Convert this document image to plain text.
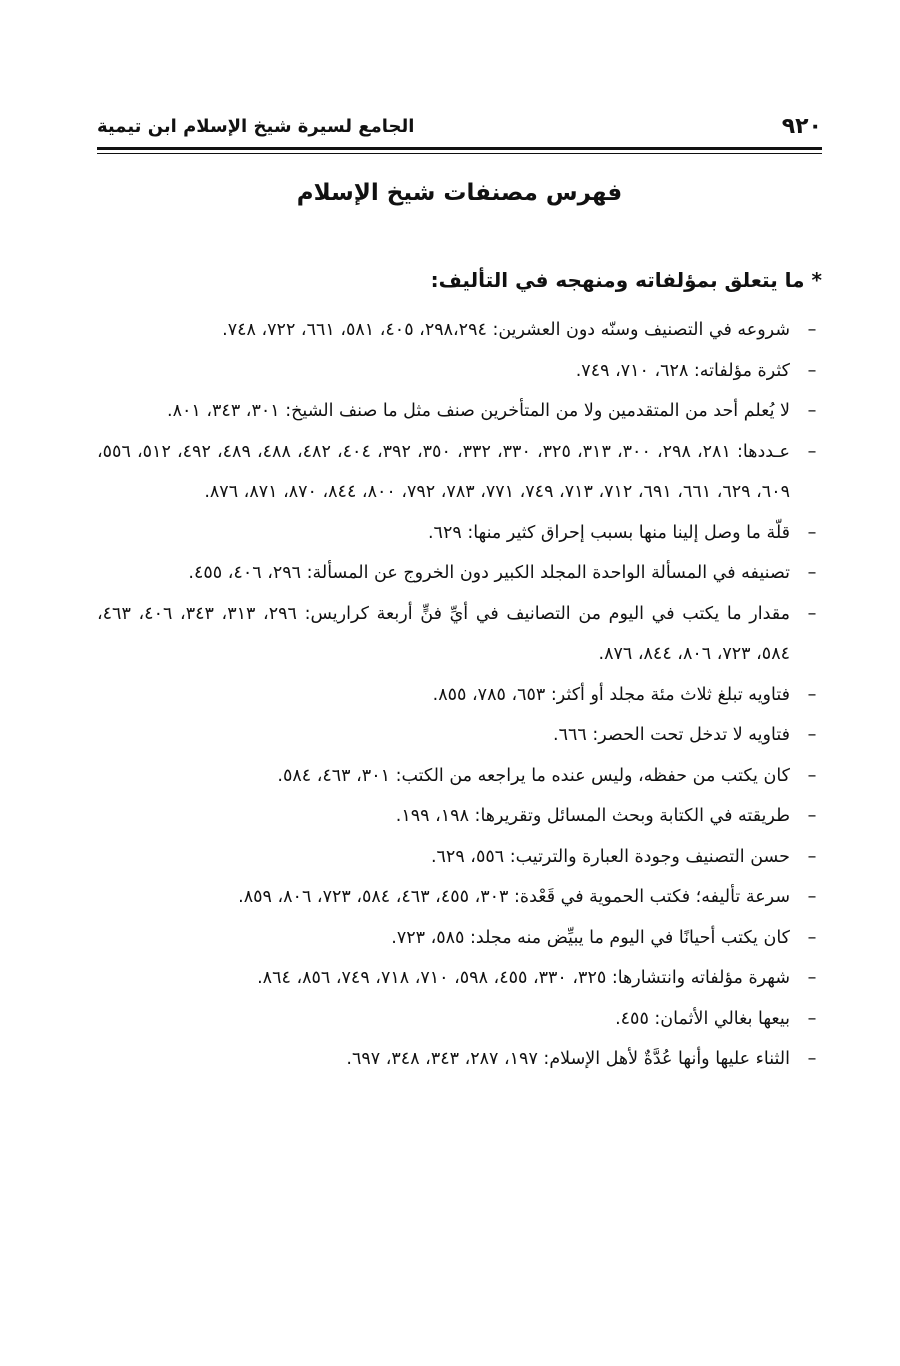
٩٢٠
الجامع لسيرة شيخ الإسلام ابن تيمية
فهرس مصنفات شيخ الإسلام
* ما يتعلق بمؤلفاته ومنهجه في التأليف:
–
شروعه في التصنيف وسنّه دون العشرين: ٢٩٨،٢٩٤، ٤٠٥، ٥٨١، ٦٦١، ٧٢٢، ٧٤٨.
–
كثرة مؤلفاته: ٦٢٨، ٧١٠، ٧٤٩.
–
لا يُعلم أحد من المتقدمين ولا من المتأخرين صنف مثل ما صنف الشيخ: ٣٠١، ٣٤٣، ٨٠١.
–
عـددها: ٢٨١، ٢٩٨، ٣٠٠، ٣١٣، ٣٢٥، ٣٣٠، ٣٣٢، ٣٥٠، ٣٩٢، ٤٠٤، ٤٨٢، ٤٨٨، ٤٨٩، ٤٩٢، ٥١٢، ٥٥٦، ٦٠٩، ٦٢٩، ٦٦١، ٦٩١، ٧١٢، ٧١٣، ٧٤٩، ٧٧١، ٧٨٣، ٧٩٢، ٨٠٠، ٨٤٤، ٨٧٠، ٨٧١، ٨٧٦.
–
قلّة ما وصل إلينا منها بسبب إحراق كثير منها: ٦٢٩.
–
تصنيفه في المسألة الواحدة المجلد الكبير دون الخروج عن المسألة: ٢٩٦، ٤٠٦، ٤٥٥.
–
مقدار ما يكتب في اليوم من التصانيف في أيِّ فنٍّ أربعة كراريس: ٢٩٦، ٣١٣، ٣٤٣، ٤٠٦، ٤٦٣، ٥٨٤، ٧٢٣، ٨٠٦، ٨٤٤، ٨٧٦.
–
فتاويه تبلغ ثلاث مئة مجلد أو أكثر: ٦٥٣، ٧٨٥، ٨٥٥.
–
فتاويه لا تدخل تحت الحصر: ٦٦٦.
–
كان يكتب من حفظه، وليس عنده ما يراجعه من الكتب: ٣٠١، ٤٦٣، ٥٨٤.
–
طريقته في الكتابة وبحث المسائل وتقريرها: ١٩٨، ١٩٩.
–
حسن التصنيف وجودة العبارة والترتيب: ٥٥٦، ٦٢٩.
–
سرعة تأليفه؛ فكتب الحموية في قَعْدة: ٣٠٣، ٤٥٥، ٤٦٣، ٥٨٤، ٧٢٣، ٨٠٦، ٨٥٩.
–
كان يكتب أحيانًا في اليوم ما يبيِّض منه مجلد: ٥٨٥، ٧٢٣.
–
شهرة مؤلفاته وانتشارها: ٣٢٥، ٣٣٠، ٤٥٥، ٥٩٨، ٧١٠، ٧١٨، ٧٤٩، ٨٥٦، ٨٦٤.
–
بيعها بغالي الأثمان: ٤٥٥.
–
الثناء عليها وأنها عُدَّةٌ لأهل الإسلام: ١٩٧، ٢٨٧، ٣٤٣، ٣٤٨، ٦٩٧.
